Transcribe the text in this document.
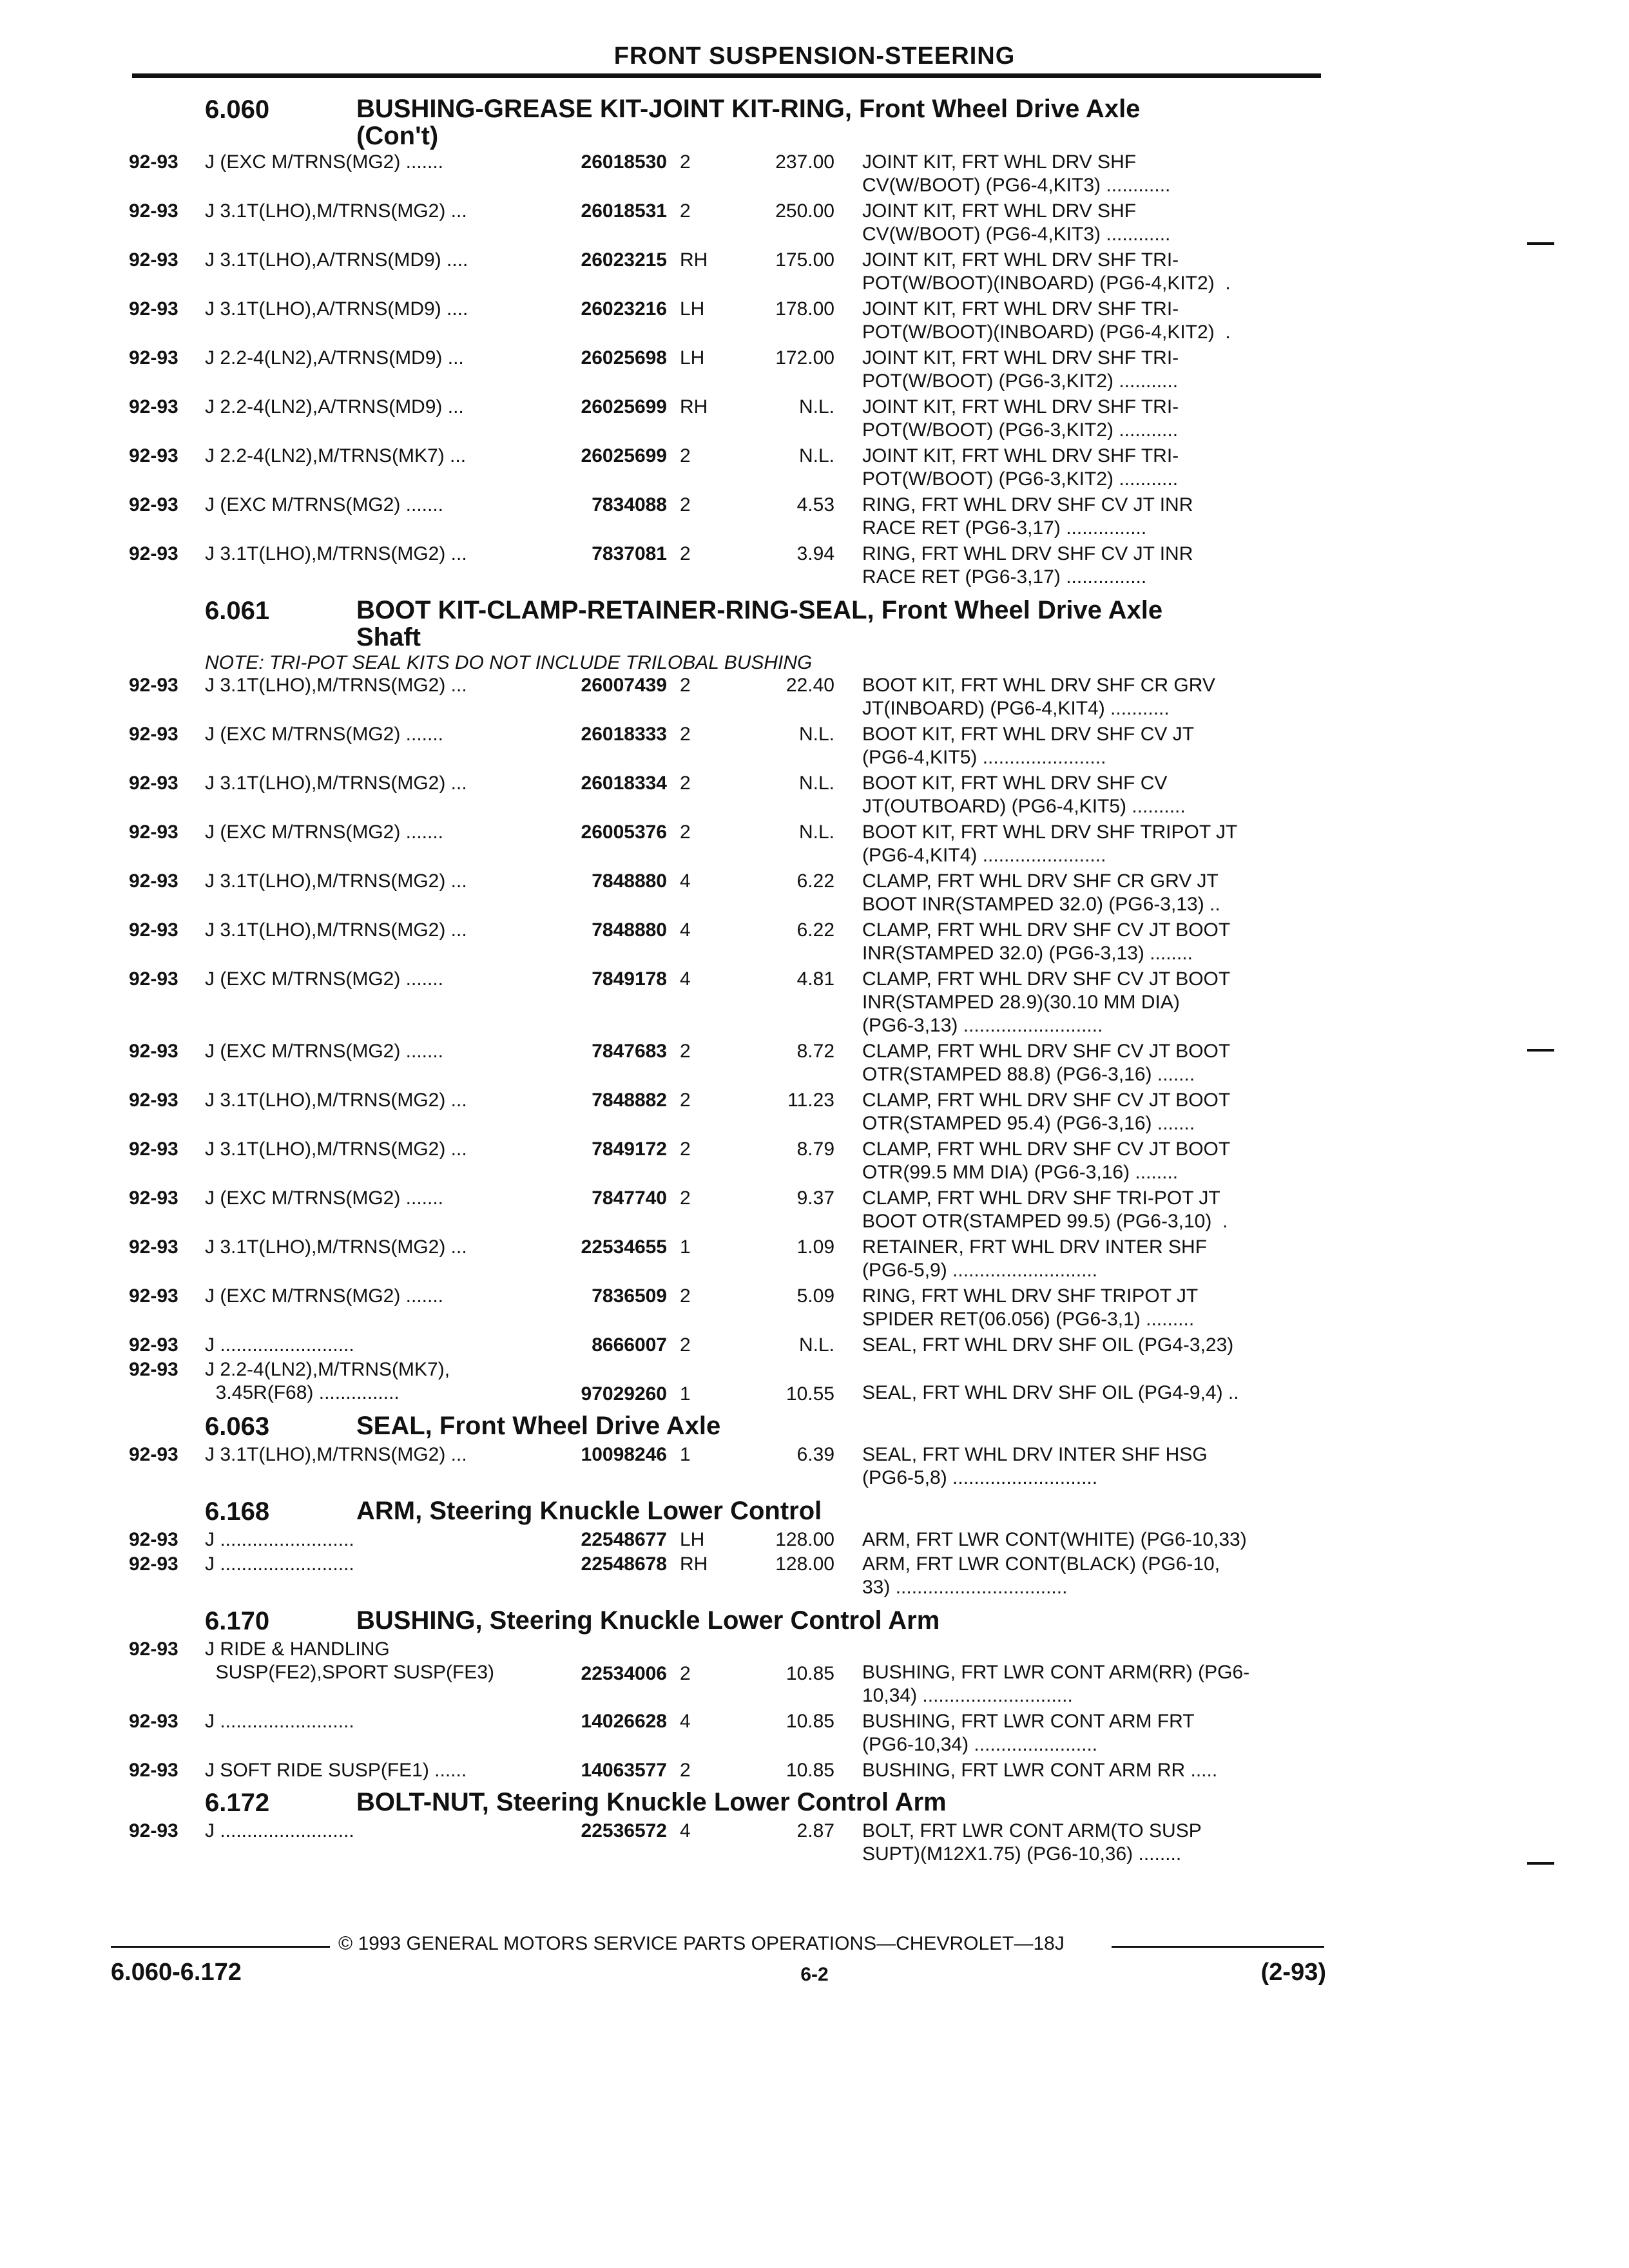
FRONT SUSPENSION-STEERING
6.060	BUSHING-GREASE KIT-JOINT KIT-RING, Front Wheel Drive Axle
(Con't)
92-93 J (EXC M/TRNS(MG2) .......	26018530 2	237.00 JOINT KIT, FRT WHL DRV SHF
CV(W/BOOT) (PG6-4,KIT3) ............
92-93 J 3.1T(LHO),M/TRNS(MG2) ...	26018531 2	250.00 JOINT KIT, FRT WHL DRV SHF
CV(W/BOOT) (PG6-4,KIT3) ............
92-93 J 3.1T(LHO),A/TRNS(MD9) ....	26023215 RH	175.00 JOINT KIT, FRT WHL DRV SHF TRI-
POT(W/BOOT)(INBOARD) (PG6-4,KIT2)  .
92-93 J 3.1T(LHO),A/TRNS(MD9) ....	26023216 LH	178.00 JOINT KIT, FRT WHL DRV SHF TRI-
POT(W/BOOT)(INBOARD) (PG6-4,KIT2)  .
92-93 J 2.2-4(LN2),A/TRNS(MD9) ...	26025698 LH	172.00 JOINT KIT, FRT WHL DRV SHF TRI-
POT(W/BOOT) (PG6-3,KIT2) ...........
92-93 J 2.2-4(LN2),A/TRNS(MD9) ...	26025699 RH	N.L. JOINT KIT, FRT WHL DRV SHF TRI-
POT(W/BOOT) (PG6-3,KIT2) ...........
92-93 J 2.2-4(LN2),M/TRNS(MK7) ...	26025699 2	N.L. JOINT KIT, FRT WHL DRV SHF TRI-
POT(W/BOOT) (PG6-3,KIT2) ...........
92-93 J (EXC M/TRNS(MG2) .......	7834088 2	4.53 RING, FRT WHL DRV SHF CV JT INR
RACE RET (PG6-3,17) ...............
92-93 J 3.1T(LHO),M/TRNS(MG2) ...	7837081 2	3.94 RING, FRT WHL DRV SHF CV JT INR
RACE RET (PG6-3,17) ...............
6.061	BOOT KIT-CLAMP-RETAINER-RING-SEAL, Front Wheel Drive Axle
Shaft
NOTE: TRI-POT SEAL KITS DO NOT INCLUDE TRILOBAL BUSHING
92-93 J 3.1T(LHO),M/TRNS(MG2) ...	26007439 2	22.40 BOOT KIT, FRT WHL DRV SHF CR GRV
JT(INBOARD) (PG6-4,KIT4) ...........
92-93 J (EXC M/TRNS(MG2) .......	26018333 2	N.L. BOOT KIT, FRT WHL DRV SHF CV JT
(PG6-4,KIT5) .......................
92-93 J 3.1T(LHO),M/TRNS(MG2) ...	26018334 2	N.L. BOOT KIT, FRT WHL DRV SHF CV
JT(OUTBOARD) (PG6-4,KIT5) ..........
92-93 J (EXC M/TRNS(MG2) .......	26005376 2	N.L. BOOT KIT, FRT WHL DRV SHF TRIPOT JT
(PG6-4,KIT4) .......................
92-93 J 3.1T(LHO),M/TRNS(MG2) ...	7848880 4	6.22 CLAMP, FRT WHL DRV SHF CR GRV JT
BOOT INR(STAMPED 32.0) (PG6-3,13) ..
92-93 J 3.1T(LHO),M/TRNS(MG2) ...	7848880 4	6.22 CLAMP, FRT WHL DRV SHF CV JT BOOT
INR(STAMPED 32.0) (PG6-3,13) ........
92-93 J (EXC M/TRNS(MG2) .......	7849178 4	4.81 CLAMP, FRT WHL DRV SHF CV JT BOOT
INR(STAMPED 28.9)(30.10 MM DIA)
(PG6-3,13) ..........................
92-93 J (EXC M/TRNS(MG2) .......	7847683 2	8.72 CLAMP, FRT WHL DRV SHF CV JT BOOT
OTR(STAMPED 88.8) (PG6-3,16) .......
92-93 J 3.1T(LHO),M/TRNS(MG2) ...	7848882 2	11.23 CLAMP, FRT WHL DRV SHF CV JT BOOT
OTR(STAMPED 95.4) (PG6-3,16) .......
92-93 J 3.1T(LHO),M/TRNS(MG2) ...	7849172 2	8.79 CLAMP, FRT WHL DRV SHF CV JT BOOT
OTR(99.5 MM DIA) (PG6-3,16) ........
92-93 J (EXC M/TRNS(MG2) .......	7847740 2	9.37 CLAMP, FRT WHL DRV SHF TRI-POT JT
BOOT OTR(STAMPED 99.5) (PG6-3,10)  .
92-93 J 3.1T(LHO),M/TRNS(MG2) ...	22534655 1	1.09 RETAINER, FRT WHL DRV INTER SHF
(PG6-5,9) ...........................
92-93 J (EXC M/TRNS(MG2) .......	7836509 2	5.09 RING, FRT WHL DRV SHF TRIPOT JT
SPIDER RET(06.056) (PG6-3,1) .........
92-93 J .........................	8666007 2	N.L. SEAL, FRT WHL DRV SHF OIL (PG4-3,23)
92-93 J 2.2-4(LN2),M/TRNS(MK7),
3.45R(F68) ...............	97029260 1	10.55
SEAL, FRT WHL DRV SHF OIL (PG4-9,4) ..
6.063	SEAL, Front Wheel Drive Axle
92-93 J 3.1T(LHO),M/TRNS(MG2) ...	10098246 1	6.39 SEAL, FRT WHL DRV INTER SHF HSG
(PG6-5,8) ...........................
6.168	ARM, Steering Knuckle Lower Control
92-93 J .........................	22548677 LH	128.00 ARM, FRT LWR CONT(WHITE) (PG6-10,33)
92-93 J .........................	22548678 RH	128.00 ARM, FRT LWR CONT(BLACK) (PG6-10,
33) ................................
6.170	BUSHING, Steering Knuckle Lower Control Arm
92-93 J RIDE & HANDLING
SUSP(FE2),SPORT SUSP(FE3)	22534006 2	10.85
BUSHING, FRT LWR CONT ARM(RR) (PG6-
10,34) ............................
92-93 J .........................	14026628 4	10.85 BUSHING, FRT LWR CONT ARM FRT
(PG6-10,34) .......................
92-93 J SOFT RIDE SUSP(FE1) ......	14063577 2	10.85 BUSHING, FRT LWR CONT ARM RR .....
6.172	BOLT-NUT, Steering Knuckle Lower Control Arm
92-93 J .........................	22536572 4	2.87 BOLT, FRT LWR CONT ARM(TO SUSP
SUPT)(M12X1.75) (PG6-10,36) ........
© 1993 GENERAL MOTORS SERVICE PARTS OPERATIONS—CHEVROLET—18J
6.060-6.172	6-2	(2-93)
